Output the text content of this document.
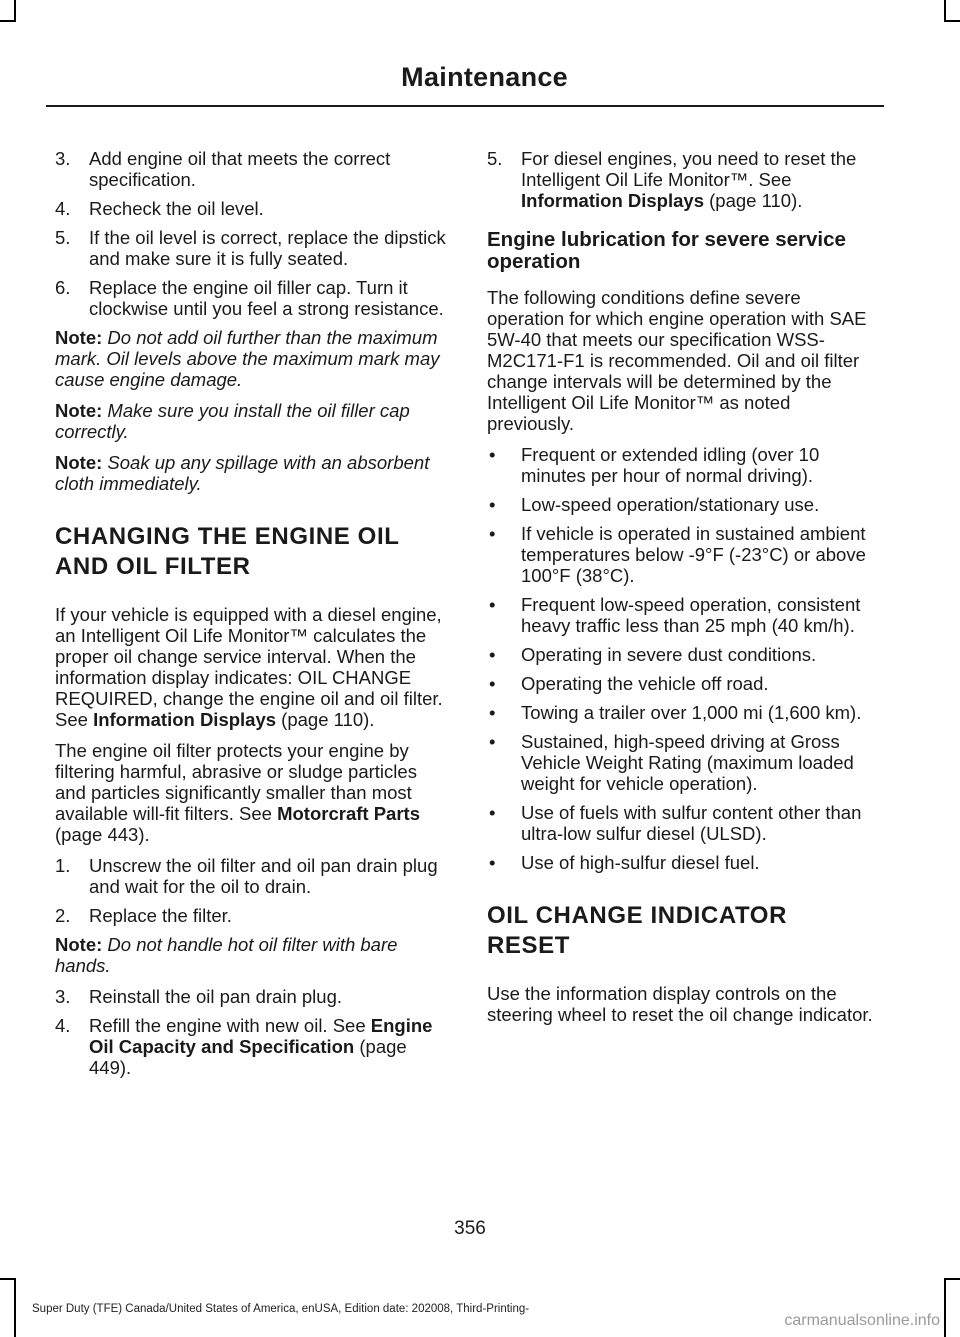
Maintenance
3. Add engine oil that meets the correct specification.
4. Recheck the oil level.
5. If the oil level is correct, replace the dipstick and make sure it is fully seated.
6. Replace the engine oil filler cap. Turn it clockwise until you feel a strong resistance.
Note: Do not add oil further than the maximum mark. Oil levels above the maximum mark may cause engine damage.
Note: Make sure you install the oil filler cap correctly.
Note: Soak up any spillage with an absorbent cloth immediately.
CHANGING THE ENGINE OIL
AND OIL FILTER

If your vehicle is equipped with a diesel engine, an Intelligent Oil Life Monitor™ calculates the proper oil change service interval. When the information display indicates: OIL CHANGE REQUIRED, change the engine oil and oil filter. See Information Displays (page 110).

The engine oil filter protects your engine by filtering harmful, abrasive or sludge particles and particles significantly smaller than most available will-fit filters. See Motorcraft Parts (page 443).

1. Unscrew the oil filter and oil pan drain plug and wait for the oil to drain.
2. Replace the filter.
Note: Do not handle hot oil filter with bare hands.
3. Reinstall the oil pan drain plug.
4. Refill the engine with new oil. See Engine Oil Capacity and Specification (page 449).
5. For diesel engines, you need to reset the Intelligent Oil Life Monitor™. See Information Displays (page 110).
Engine lubrication for severe service operation

The following conditions define severe operation for which engine operation with SAE 5W-40 that meets our specification WSS-M2C171-F1 is recommended. Oil and oil filter change intervals will be determined by the Intelligent Oil Life Monitor™ as noted previously.

• Frequent or extended idling (over 10 minutes per hour of normal driving).
• Low-speed operation/stationary use.
• If vehicle is operated in sustained ambient temperatures below -9°F (-23°C) or above 100°F (38°C).
• Frequent low-speed operation, consistent heavy traffic less than 25 mph (40 km/h).
• Operating in severe dust conditions.
• Operating the vehicle off road.
• Towing a trailer over 1,000 mi (1,600 km).
• Sustained, high-speed driving at Gross Vehicle Weight Rating (maximum loaded weight for vehicle operation).
• Use of fuels with sulfur content other than ultra-low sulfur diesel (ULSD).
• Use of high-sulfur diesel fuel.
OIL CHANGE INDICATOR
RESET

Use the information display controls on the steering wheel to reset the oil change indicator.

356
Super Duty (TFE) Canada/United States of America, enUSA, Edition date: 202008, Third-Printing-
carmanualsonline.info
